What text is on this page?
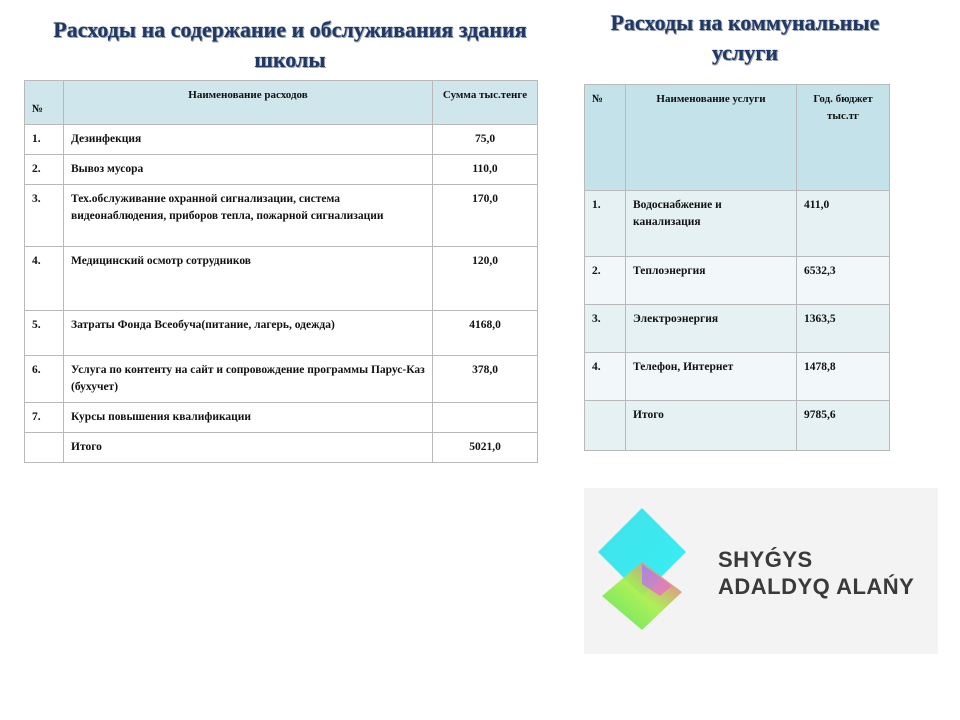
Расходы на содержание и обслуживания здания школы
Расходы на коммунальные услуги
№	Наименование расходов	Сумма тыс.тенге
1.	Дезинфекция	75,0
2.	Вывоз мусора	110,0
3.	Тех.обслуживание охранной сигнализации, система видеонаблюдения, приборов тепла, пожарной сигнализации	170,0
4.	Медицинский осмотр сотрудников	120,0
5.	Затраты Фонда Всеобуча(питание, лагерь, одежда)	4168,0
6.	Услуга по контенту на сайт и сопровождение программы Парус-Каз (бухучет)	378,0
7.	Курсы повышения квалификации	
	Итого	5021,0
№	Наименование услуги	Год. бюджет тыс.тг
1.	Водоснабжение и канализация	411,0
2.	Теплоэнергия	6532,3
3.	Электроэнергия	1363,5
4.	Телефон, Интернет	1478,8
	Итого	9785,6
SHYǴYS
ADALDYQ ALAŃY
